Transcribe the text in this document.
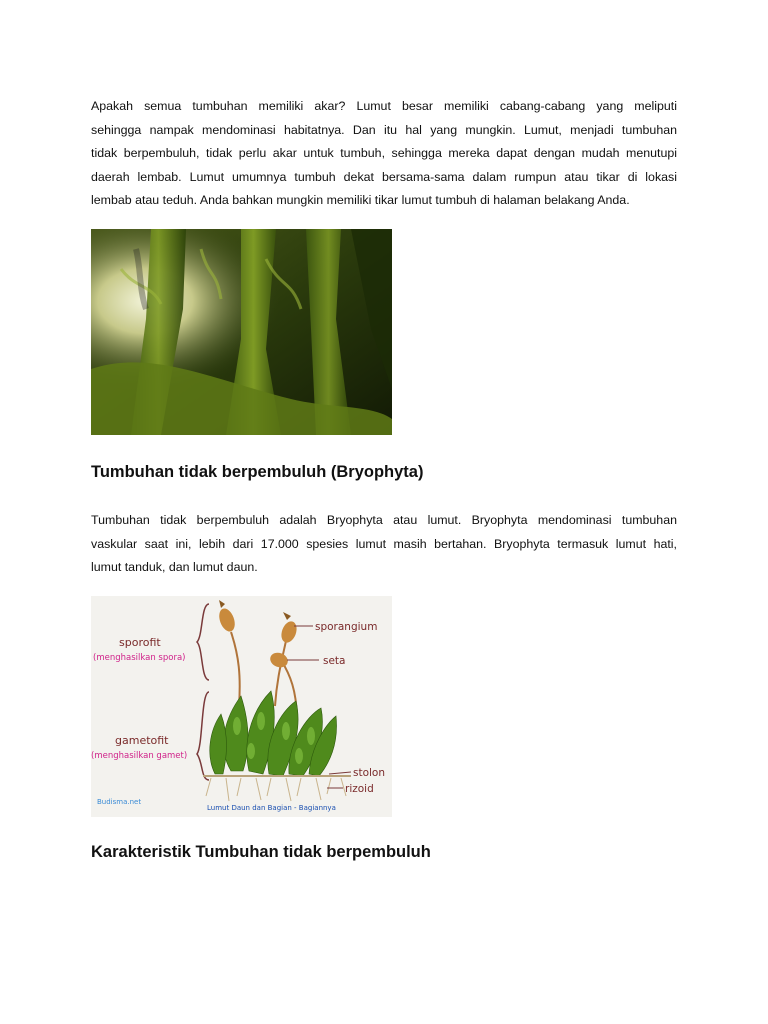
Apakah semua tumbuhan memiliki akar? Lumut besar memiliki cabang-cabang yang meliputi
sehingga nampak mendominasi habitatnya. Dan itu hal yang mungkin. Lumut, menjadi tumbuhan
tidak berpembuluh, tidak perlu akar untuk tumbuh, sehingga mereka dapat dengan mudah menutupi
daerah lembab. Lumut umumnya tumbuh dekat bersama-sama dalam rumpun atau tikar di lokasi
lembab atau teduh. Anda bahkan mungkin memiliki tikar lumut tumbuh di halaman belakang Anda.
Tumbuhan tidak berpembuluh (Bryophyta)
Tumbuhan tidak berpembuluh adalah Bryophyta atau lumut. Bryophyta mendominasi tumbuhan
vaskular saat ini, lebih dari 17.000 spesies lumut masih bertahan. Bryophyta termasuk lumut hati,
lumut tanduk, dan lumut daun.
sporofit
(menghasilkan spora)
gametofit
(menghasilkan gamet)
sporangium
seta
stolon
rizoid
Budisma.net
Lumut Daun dan Bagian - Bagiannya
Karakteristik Tumbuhan tidak berpembuluh
